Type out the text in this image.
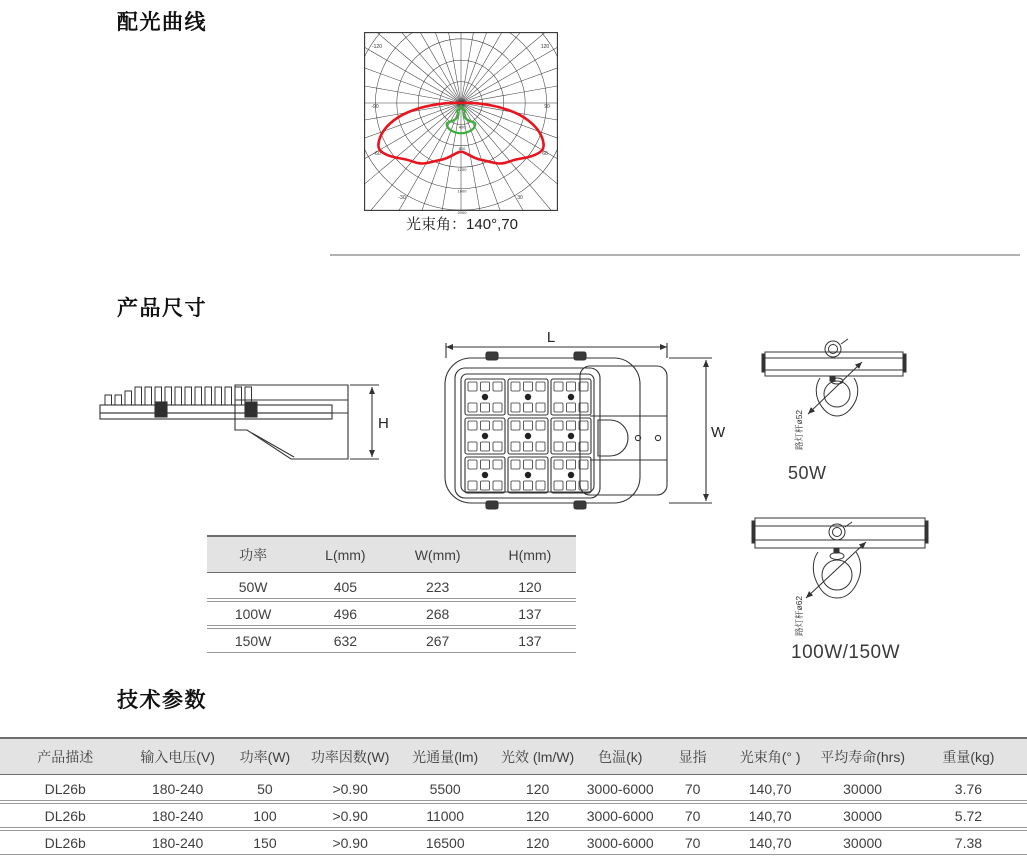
配光曲线
-120	120
-90	90
-60	60
-30	30
0
400
800
1200
1600
2000
光束角：140°,70
产品尺寸
H
L
W	路灯杆ø52
50W
路灯杆ø62
100W/150W
功率	L(mm)	W(mm)	H(mm)
50W	405	223	120
100W	496	268	137
150W	632	267	137
技术参数
产品描述	输入电压(V)	功率(W)	功率因数(W)	光通量(lm)	光效 (lm/W)	色温(k)	显指	光束角(° )	平均寿命(hrs)	重量(kg)
DL26b	180-240	50	>0.90	5500	120	3000-6000	70	140,70	30000	3.76
DL26b	180-240	100	>0.90	11000	120	3000-6000	70	140,70	30000	5.72
DL26b	180-240	150	>0.90	16500	120	3000-6000	70	140,70	30000	7.38
